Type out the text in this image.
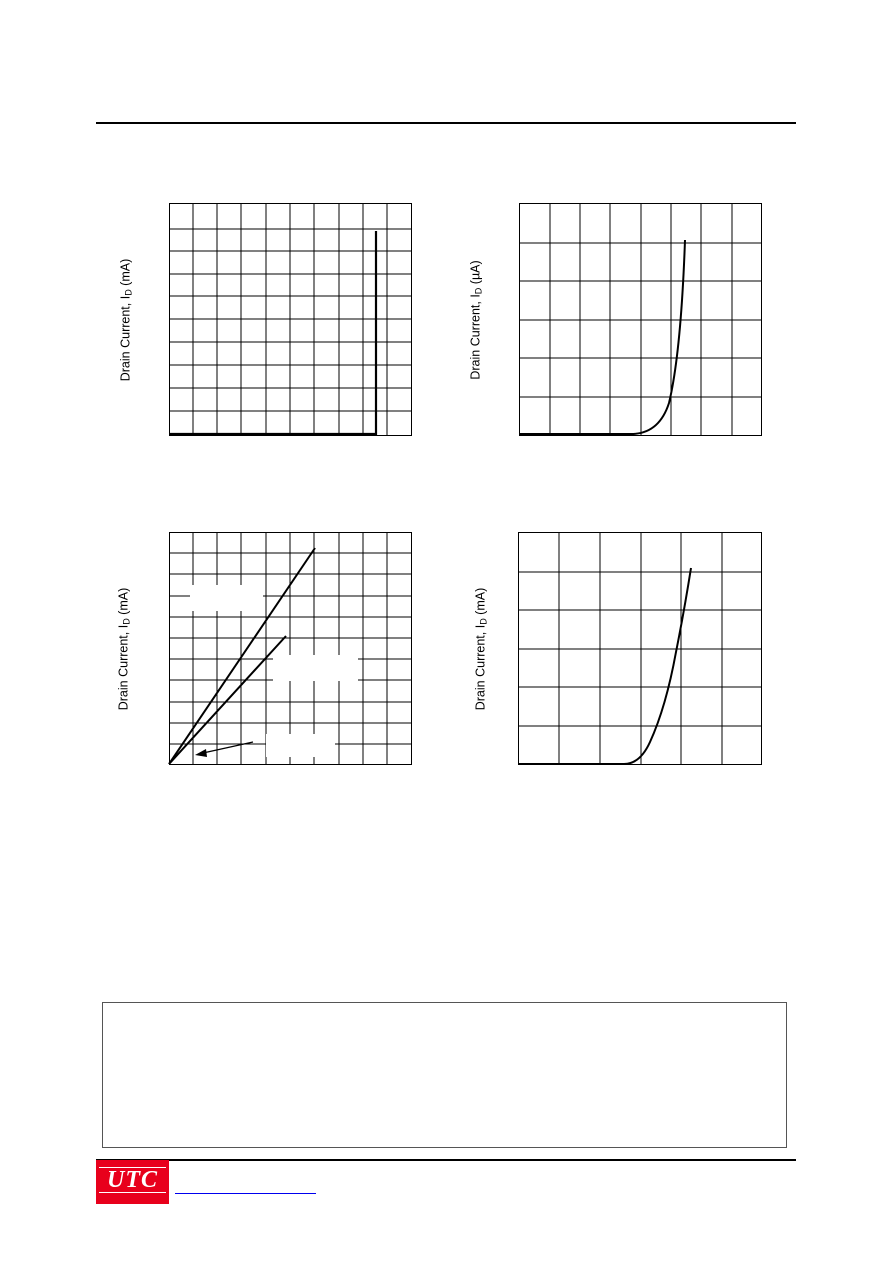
Drain Current, $I_D$ (mA)
Drain Current, $I_D$ (µA)
Drain Current, $I_D$ (mA)
Drain Current, $I_D$ (mA)
UTC
